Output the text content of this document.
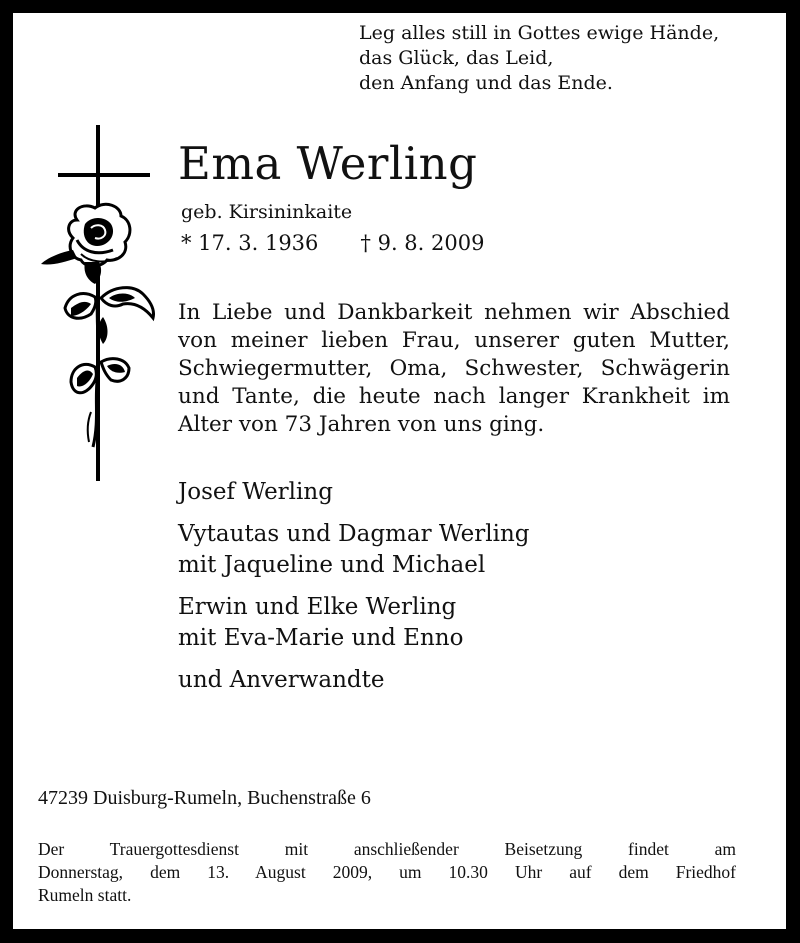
Leg alles still in Gottes ewige Hände,
das Glück, das Leid,
den Anfang und das Ende.
Ema Werling
geb. Kirsininkaite
* 17. 3. 1936 † 9. 8. 2009
In Liebe und Dankbarkeit nehmen wir Abschied
von meiner lieben Frau, unserer guten Mutter,
Schwiegermutter, Oma, Schwester, Schwägerin
und Tante, die heute nach langer Krankheit im
Alter von 73 Jahren von uns ging.
Josef Werling
Vytautas und Dagmar Werling
mit Jaqueline und Michael
Erwin und Elke Werling
mit Eva-Marie und Enno
und Anverwandte
47239 Duisburg-Rumeln, Buchenstraße 6
Der Trauergottesdienst mit anschließender Beisetzung findet am
Donnerstag, dem 13. August 2009, um 10.30 Uhr auf dem Friedhof
Rumeln statt.
